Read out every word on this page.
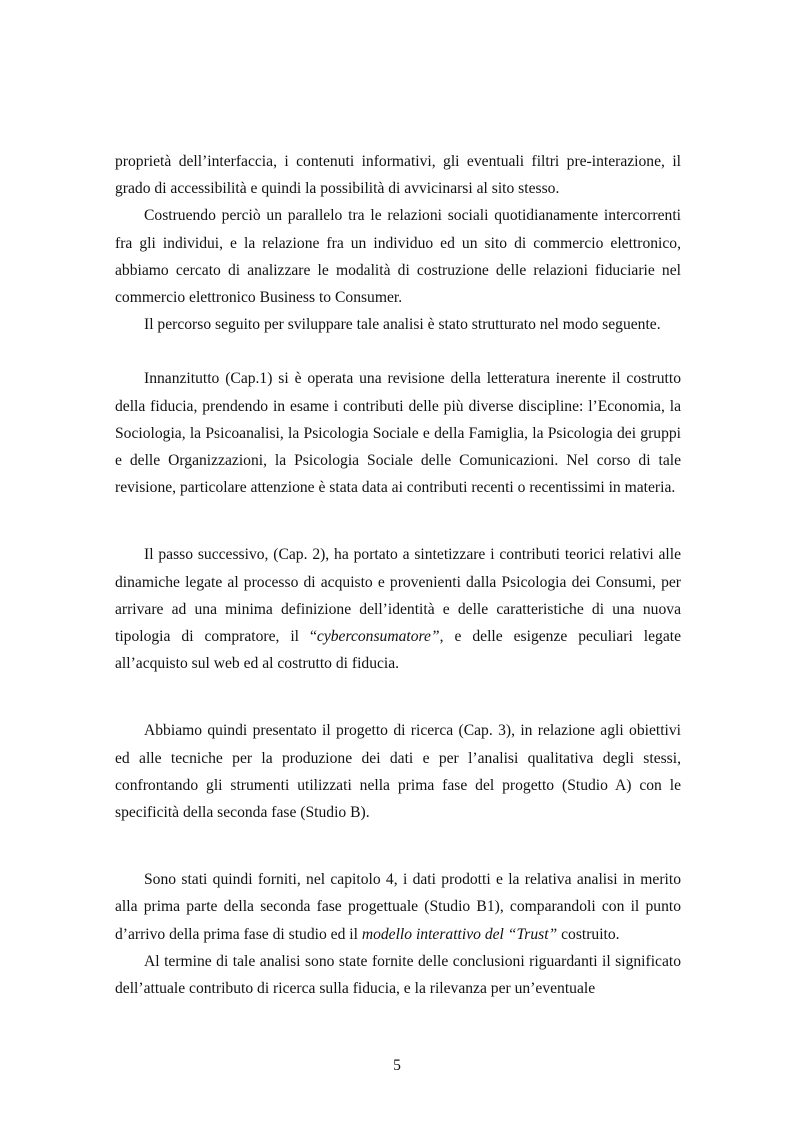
proprietà dell’interfaccia, i contenuti informativi, gli eventuali filtri pre-interazione, il grado di accessibilità e quindi la possibilità di avvicinarsi al sito stesso.

Costruendo perciò un parallelo tra le relazioni sociali quotidianamente intercorrenti fra gli individui, e la relazione fra un individuo ed un sito di commercio elettronico, abbiamo cercato di analizzare le modalità di costruzione delle relazioni fiduciarie nel commercio elettronico Business to Consumer.

Il percorso seguito per sviluppare tale analisi è stato strutturato nel modo seguente.

Innanzitutto (Cap.1) si è operata una revisione della letteratura inerente il costrutto della fiducia, prendendo in esame i contributi delle più diverse discipline: l’Economia, la Sociologia, la Psicoanalisi, la Psicologia Sociale e della Famiglia, la Psicologia dei gruppi e delle Organizzazioni, la Psicologia Sociale delle Comunicazioni. Nel corso di tale revisione, particolare attenzione è stata data ai contributi recenti o recentissimi in materia.

Il passo successivo, (Cap. 2), ha portato a sintetizzare i contributi teorici relativi alle dinamiche legate al processo di acquisto e provenienti dalla Psicologia dei Consumi, per arrivare ad una minima definizione dell’identità e delle caratteristiche di una nuova tipologia di compratore, il “cyberconsumatore”, e delle esigenze peculiari legate all’acquisto sul web ed al costrutto di fiducia.

Abbiamo quindi presentato il progetto di ricerca (Cap. 3), in relazione agli obiettivi ed alle tecniche per la produzione dei dati e per l’analisi qualitativa degli stessi, confrontando gli strumenti utilizzati nella prima fase del progetto (Studio A) con le specificità della seconda fase (Studio B).

Sono stati quindi forniti, nel capitolo 4, i dati prodotti e la relativa analisi in merito alla prima parte della seconda fase progettuale (Studio B1), comparandoli con il punto d’arrivo della prima fase di studio ed il modello interattivo del “Trust” costruito.

Al termine di tale analisi sono state fornite delle conclusioni riguardanti il significato dell’attuale contributo di ricerca sulla fiducia, e la rilevanza per un’eventuale

5
